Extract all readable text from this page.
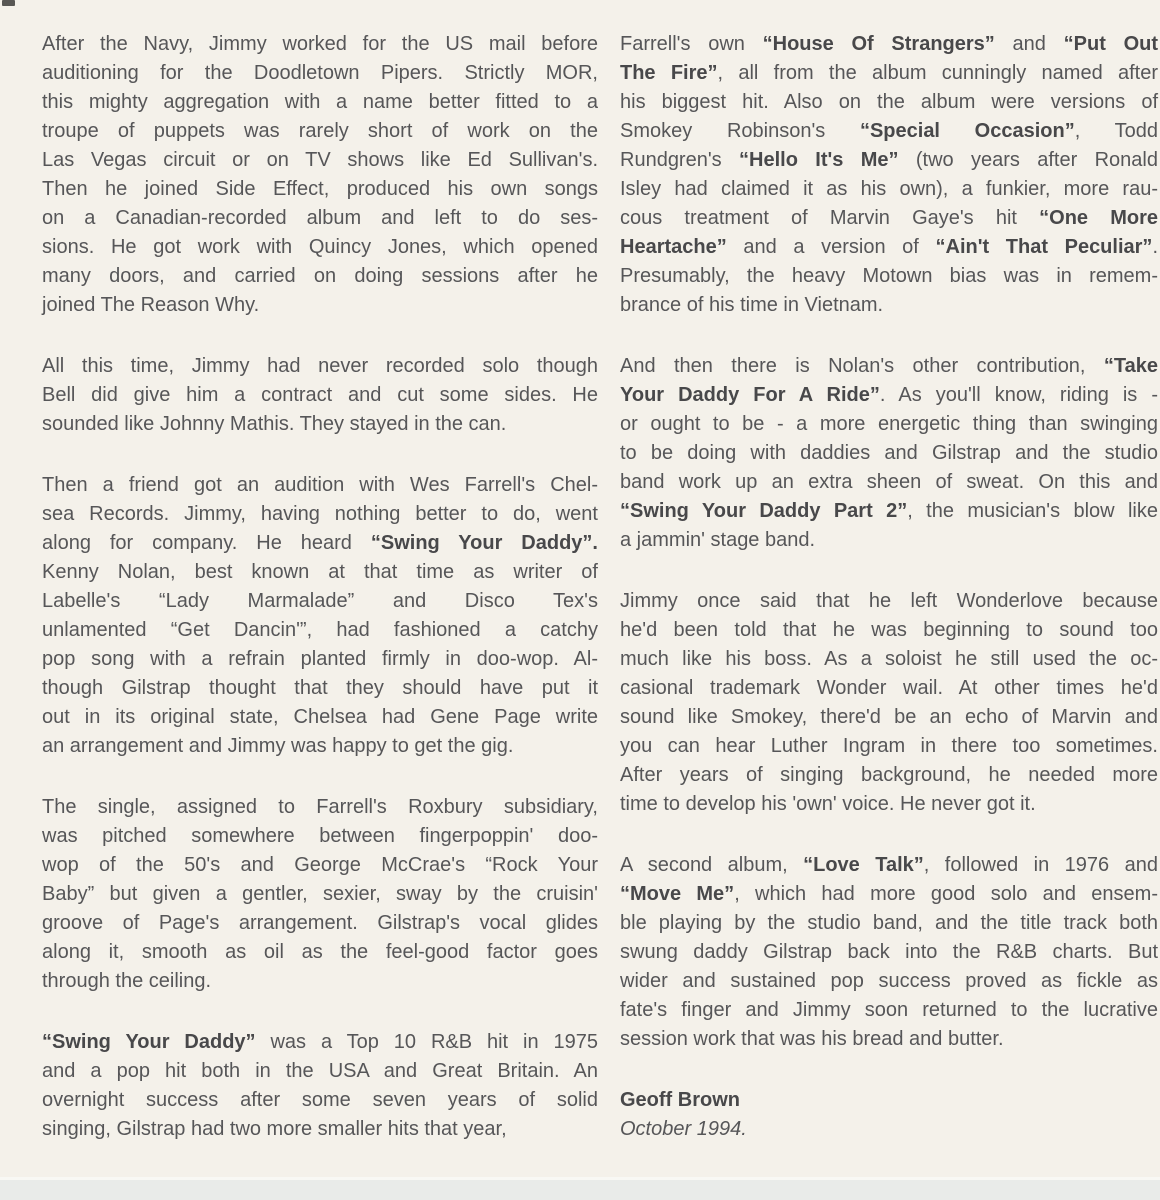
After the Navy, Jimmy worked for the US mail before
auditioning for the Doodletown Pipers. Strictly MOR,
this mighty aggregation with a name better fitted to a
troupe of puppets was rarely short of work on the
Las Vegas circuit or on TV shows like Ed Sullivan's.
Then he joined Side Effect, produced his own songs
on a Canadian-recorded album and left to do ses-
sions. He got work with Quincy Jones, which opened
many doors, and carried on doing sessions after he
joined The Reason Why.
All this time, Jimmy had never recorded solo though
Bell did give him a contract and cut some sides. He
sounded like Johnny Mathis. They stayed in the can.
Then a friend got an audition with Wes Farrell's Chel-
sea Records. Jimmy, having nothing better to do, went
along for company. He heard “Swing Your Daddy”.
Kenny Nolan, best known at that time as writer of
Labelle's “Lady Marmalade” and Disco Tex's
unlamented “Get Dancin'”, had fashioned a catchy
pop song with a refrain planted firmly in doo-wop. Al-
though Gilstrap thought that they should have put it
out in its original state, Chelsea had Gene Page write
an arrangement and Jimmy was happy to get the gig.
The single, assigned to Farrell's Roxbury subsidiary,
was pitched somewhere between fingerpoppin' doo-
wop of the 50's and George McCrae's “Rock Your
Baby” but given a gentler, sexier, sway by the cruisin'
groove of Page's arrangement. Gilstrap's vocal glides
along it, smooth as oil as the feel-good factor goes
through the ceiling.
“Swing Your Daddy” was a Top 10 R&B hit in 1975
and a pop hit both in the USA and Great Britain. An
overnight success after some seven years of solid
singing, Gilstrap had two more smaller hits that year,
Farrell's own “House Of Strangers” and “Put Out
The Fire”, all from the album cunningly named after
his biggest hit. Also on the album were versions of
Smokey Robinson's “Special Occasion”, Todd
Rundgren's “Hello It's Me” (two years after Ronald
Isley had claimed it as his own), a funkier, more rau-
cous treatment of Marvin Gaye's hit “One More
Heartache” and a version of “Ain't That Peculiar”.
Presumably, the heavy Motown bias was in remem-
brance of his time in Vietnam.
And then there is Nolan's other contribution, “Take
Your Daddy For A Ride”. As you'll know, riding is -
or ought to be - a more energetic thing than swinging
to be doing with daddies and Gilstrap and the studio
band work up an extra sheen of sweat. On this and
“Swing Your Daddy Part 2”, the musician's blow like
a jammin' stage band.
Jimmy once said that he left Wonderlove because
he'd been told that he was beginning to sound too
much like his boss. As a soloist he still used the oc-
casional trademark Wonder wail. At other times he'd
sound like Smokey, there'd be an echo of Marvin and
you can hear Luther Ingram in there too sometimes.
After years of singing background, he needed more
time to develop his 'own' voice. He never got it.
A second album, “Love Talk”, followed in 1976 and
“Move Me”, which had more good solo and ensem-
ble playing by the studio band, and the title track both
swung daddy Gilstrap back into the R&B charts. But
wider and sustained pop success proved as fickle as
fate's finger and Jimmy soon returned to the lucrative
session work that was his bread and butter.
Geoff Brown
October 1994.
